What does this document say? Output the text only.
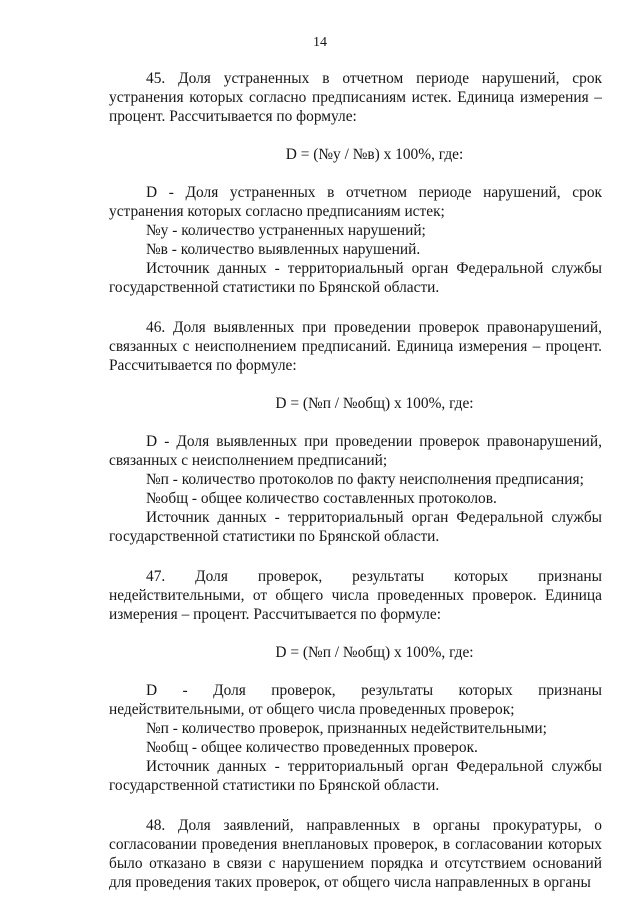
14

45. Доля устраненных в отчетном периоде нарушений, срок устранения которых согласно предписаниям истек. Единица измерения – процент. Рассчитывается по формуле:

D = (№у / №в) х 100%, где:

D - Доля устраненных в отчетном периоде нарушений, срок устранения которых согласно предписаниям истек;

№у - количество устраненных нарушений;

№в - количество выявленных нарушений.

Источник данных - территориальный орган Федеральной службы государственной статистики по Брянской области.

46. Доля выявленных при проведении проверок правонарушений, связанных с неисполнением предписаний. Единица измерения – процент. Рассчитывается по формуле:

D = (№п / №общ) х 100%, где:

D - Доля выявленных при проведении проверок правонарушений, связанных с неисполнением предписаний;

№п - количество протоколов по факту неисполнения предписания;

№общ - общее количество составленных протоколов.

Источник данных - территориальный орган Федеральной службы государственной статистики по Брянской области.

47. Доля проверок, результаты которых признаны недействительными, от общего числа проведенных проверок. Единица измерения – процент. Рассчитывается по формуле:

D = (№п / №общ) х 100%, где:

D - Доля проверок, результаты которых признаны недействительными, от общего числа проведенных проверок;

№п - количество проверок, признанных недействительными;

№общ - общее количество проведенных проверок.

Источник данных - территориальный орган Федеральной службы государственной статистики по Брянской области.

48. Доля заявлений, направленных в органы прокуратуры, о согласовании проведения внеплановых проверок, в согласовании которых было отказано в связи с нарушением порядка и отсутствием оснований для проведения таких проверок, от общего числа направленных в органы
